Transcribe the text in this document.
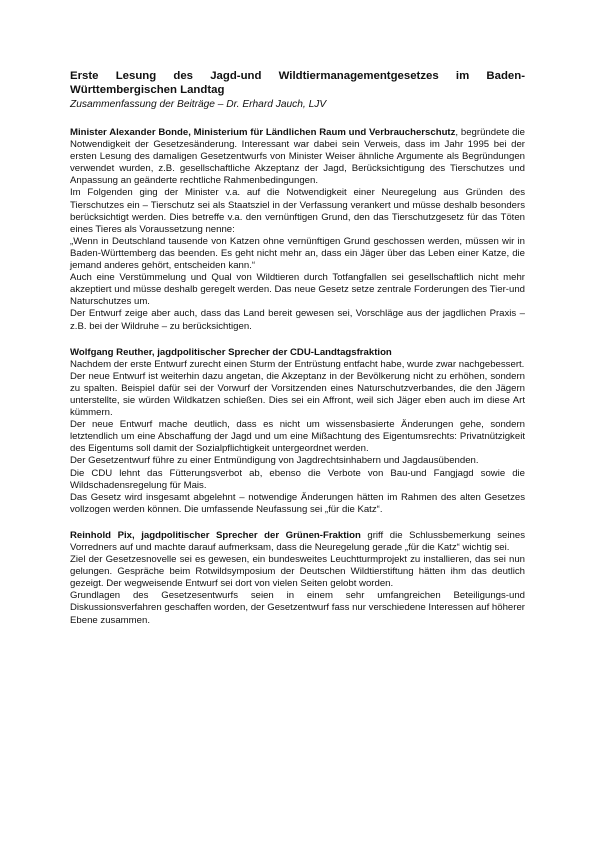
Erste Lesung des Jagd-und Wildtiermanagementgesetzes im Baden-Württembergischen Landtag

Zusammenfassung der Beiträge – Dr. Erhard Jauch, LJV

Minister Alexander Bonde, Ministerium für Ländlichen Raum und Verbraucherschutz, begründete die Notwendigkeit der Gesetzesänderung. Interessant war dabei sein Verweis, dass im Jahr 1995 bei der ersten Lesung des damaligen Gesetzentwurfs von Minister Weiser ähnliche Argumente als Begründungen verwendet wurden, z.B. gesellschaftliche Akzeptanz der Jagd, Berücksichtigung des Tierschutzes und Anpassung an geänderte rechtliche Rahmenbedingungen.

Im Folgenden ging der Minister v.a. auf die Notwendigkeit einer Neuregelung aus Gründen des Tierschutzes ein – Tierschutz sei als Staatsziel in der Verfassung verankert und müsse deshalb besonders berücksichtigt werden. Dies betreffe v.a. den vernünftigen Grund, den das Tierschutzgesetz für das Töten eines Tieres als Voraussetzung nenne:

„Wenn in Deutschland tausende von Katzen ohne vernünftigen Grund geschossen werden, müssen wir in Baden-Württemberg das beenden. Es geht nicht mehr an, dass ein Jäger über das Leben einer Katze, die jemand anderes gehört, entscheiden kann.“

Auch eine Verstümmelung und Qual von Wildtieren durch Totfangfallen sei gesellschaftlich nicht mehr akzeptiert und müsse deshalb geregelt werden. Das neue Gesetz setze zentrale Forderungen des Tier-und Naturschutzes um.

Der Entwurf zeige aber auch, dass das Land bereit gewesen sei, Vorschläge aus der jagdlichen Praxis – z.B. bei der Wildruhe – zu berücksichtigen.

Wolfgang Reuther, jagdpolitischer Sprecher der CDU-Landtagsfraktion

Nachdem der erste Entwurf zurecht einen Sturm der Entrüstung entfacht habe, wurde zwar nachgebessert.

Der neue Entwurf ist weiterhin dazu angetan, die Akzeptanz in der Bevölkerung nicht zu erhöhen, sondern zu spalten. Beispiel dafür sei der Vorwurf der Vorsitzenden eines Naturschutzverbandes, die den Jägern unterstellte, sie würden Wildkatzen schießen. Dies sei ein Affront, weil sich Jäger eben auch im diese Art kümmern.

Der neue Entwurf mache deutlich, dass es nicht um wissensbasierte Änderungen gehe, sondern letztendlich um eine Abschaffung der Jagd und um eine Mißachtung des Eigentumsrechts: Privatnützigkeit des Eigentums soll damit der Sozialpflichtigkeit untergeordnet werden.

Der Gesetzentwurf führe zu einer Entmündigung von Jagdrechtsinhabern und Jagdausübenden.

Die CDU lehnt das Fütterungsverbot ab, ebenso die Verbote von Bau-und Fangjagd sowie die Wildschadensregelung für Mais.

Das Gesetz wird insgesamt abgelehnt – notwendige Änderungen hätten im Rahmen des alten Gesetzes vollzogen werden können. Die umfassende Neufassung sei „für die Katz“.

Reinhold Pix, jagdpolitischer Sprecher der Grünen-Fraktion griff die Schlussbemerkung seines Vorredners auf und machte darauf aufmerksam, dass die Neuregelung gerade „für die Katz“ wichtig sei.

Ziel der Gesetzesnovelle sei es gewesen, ein bundesweites Leuchtturmprojekt zu installieren, das sei nun gelungen. Gespräche beim Rotwildsymposium der Deutschen Wildtierstiftung hätten ihm das deutlich gezeigt. Der wegweisende Entwurf sei dort von vielen Seiten gelobt worden.

Grundlagen des Gesetzesentwurfs seien in einem sehr umfangreichen Beteiligungs-und Diskussionsverfahren geschaffen worden, der Gesetzentwurf fass nur verschiedene Interessen auf höherer Ebene zusammen.
